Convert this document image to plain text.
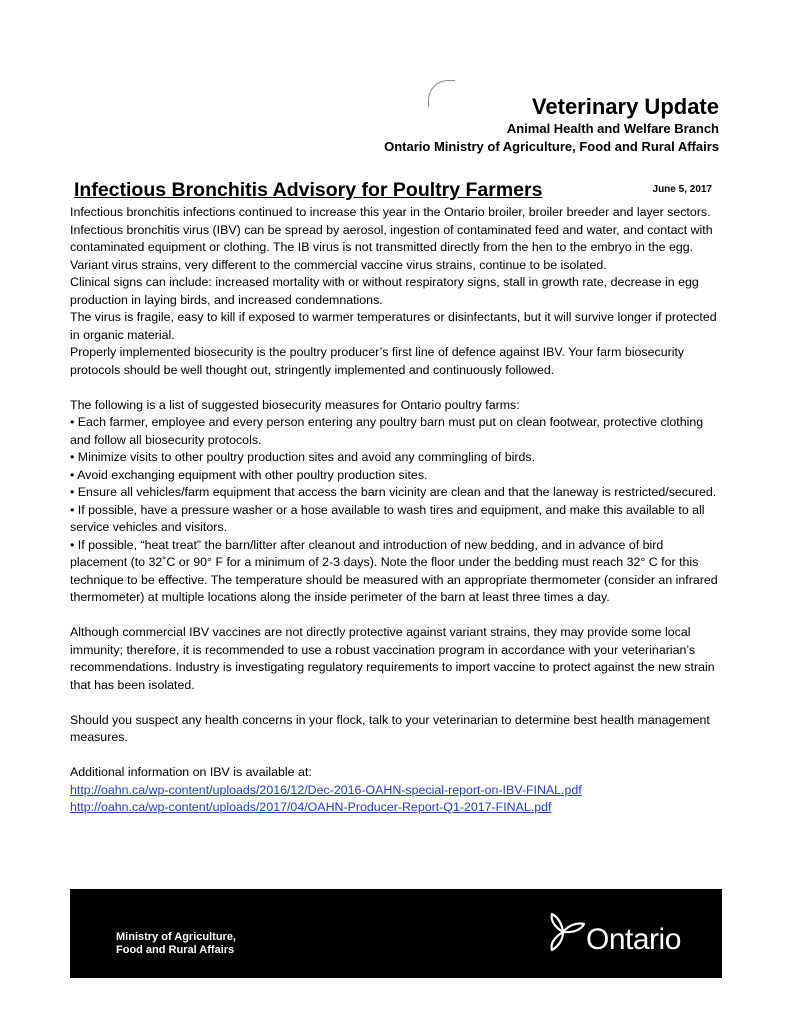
Veterinary Update

Animal Health and Welfare Branch

Ontario Ministry of Agriculture, Food and Rural Affairs

Infectious Bronchitis Advisory for Poultry Farmers	June 5, 2017

Infectious bronchitis infections continued to increase this year in the Ontario broiler, broiler breeder and layer sectors.

Infectious bronchitis virus (IBV) can be spread by aerosol, ingestion of contaminated feed and water, and contact with contaminated equipment or clothing. The IB virus is not transmitted directly from the hen to the embryo in the egg. Variant virus strains, very different to the commercial vaccine virus strains, continue to be isolated.

Clinical signs can include: increased mortality with or without respiratory signs, stall in growth rate, decrease in egg production in laying birds, and increased condemnations.

The virus is fragile, easy to kill if exposed to warmer temperatures or disinfectants, but it will survive longer if protected in organic material.

Properly implemented biosecurity is the poultry producer’s first line of defence against IBV. Your farm biosecurity protocols should be well thought out, stringently implemented and continuously followed.

The following is a list of suggested biosecurity measures for Ontario poultry farms:

• Each farmer, employee and every person entering any poultry barn must put on clean footwear, protective clothing and follow all biosecurity protocols.

• Minimize visits to other poultry production sites and avoid any commingling of birds.

• Avoid exchanging equipment with other poultry production sites.

• Ensure all vehicles/farm equipment that access the barn vicinity are clean and that the laneway is restricted/secured.

• If possible, have a pressure washer or a hose available to wash tires and equipment, and make this available to all service vehicles and visitors.

• If possible, “heat treat” the barn/litter after cleanout and introduction of new bedding, and in advance of bird placement (to 32˚C or 90° F for a minimum of 2-3 days). Note the floor under the bedding must reach 32° C for this technique to be effective. The temperature should be measured with an appropriate thermometer (consider an infrared thermometer) at multiple locations along the inside perimeter of the barn at least three times a day.

Although commercial IBV vaccines are not directly protective against variant strains, they may provide some local immunity; therefore, it is recommended to use a robust vaccination program in accordance with your veterinarian’s recommendations. Industry is investigating regulatory requirements to import vaccine to protect against the new strain that has been isolated.

Should you suspect any health concerns in your flock, talk to your veterinarian to determine best health management measures.

Additional information on IBV is available at:

http://oahn.ca/wp-content/uploads/2016/12/Dec-2016-OAHN-special-report-on-IBV-FINAL.pdf
http://oahn.ca/wp-content/uploads/2017/04/OAHN-Producer-Report-Q1-2017-FINAL.pdf
Ministry of Agriculture,
Food and Rural Affairs	Ontario
